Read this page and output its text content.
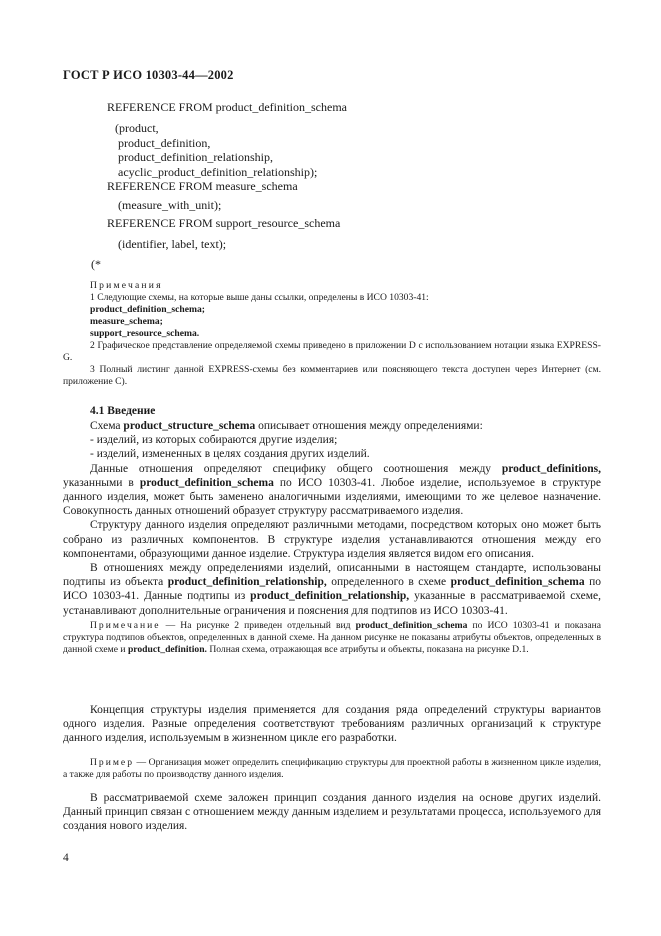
ГОСТ Р ИСО 10303-44—2002
REFERENCE FROM product_definition_schema
(product,
product_definition,
product_definition_relationship,
acyclic_product_definition_relationship);
REFERENCE FROM measure_schema
(measure_with_unit);
REFERENCE FROM support_resource_schema
(identifier, label, text);
(*
Примечания
1 Следующие схемы, на которые выше даны ссылки, определены в ИСО 10303-41:
product_definition_schema;
measure_schema;
support_resource_schema.
2 Графическое представление определяемой схемы приведено в приложении D с использованием нотации языка EXPRESS-G.
3 Полный листинг данной EXPRESS-схемы без комментариев или поясняющего текста доступен через Интернет (см. приложение С).
4.1 Введение

Схема product_structure_schema описывает отношения между определениями:

- изделий, из которых собираются другие изделия;

- изделий, измененных в целях создания других изделий.

Данные отношения определяют специфику общего соотношения между product_definitions, указанными в product_definition_schema по ИСО 10303-41. Любое изделие, используемое в структуре данного изделия, может быть заменено аналогичными изделиями, имеющими то же целевое назначение. Совокупность данных отношений образует структуру рассматриваемого изделия.

Структуру данного изделия определяют различными методами, посредством которых оно может быть собрано из различных компонентов. В структуре изделия устанавливаются отношения между его компонентами, образующими данное изделие. Структура изделия является видом его описания.

В отношениях между определениями изделий, описанными в настоящем стандарте, использованы подтипы из объекта product_definition_relationship, определенного в схеме product_definition_schema по ИСО 10303-41. Данные подтипы из product_definition_relationship, указанные в рассматриваемой схеме, устанавливают дополнительные ограничения и пояснения для подтипов из ИСО 10303-41.

Примечание — На рисунке 2 приведен отдельный вид product_definition_schema по ИСО 10303-41 и показана структура подтипов объектов, определенных в данной схеме. На данном рисунке не показаны атрибуты объектов, определенных в данной схеме и product_definition. Полная схема, отражающая все атрибуты и объекты, показана на рисунке D.1.

Концепция структуры изделия применяется для создания ряда определений структуры вариантов одного изделия. Разные определения соответствуют требованиям различных организаций к структуре данного изделия, используемым в жизненном цикле его разработки.

Пример — Организация может определить спецификацию структуры для проектной работы в жизненном цикле изделия, а также для работы по производству данного изделия.

В рассматриваемой схеме заложен принцип создания данного изделия на основе других изделий. Данный принцип связан с отношением между данным изделием и результатами процесса, используемого для создания нового изделия.

4
